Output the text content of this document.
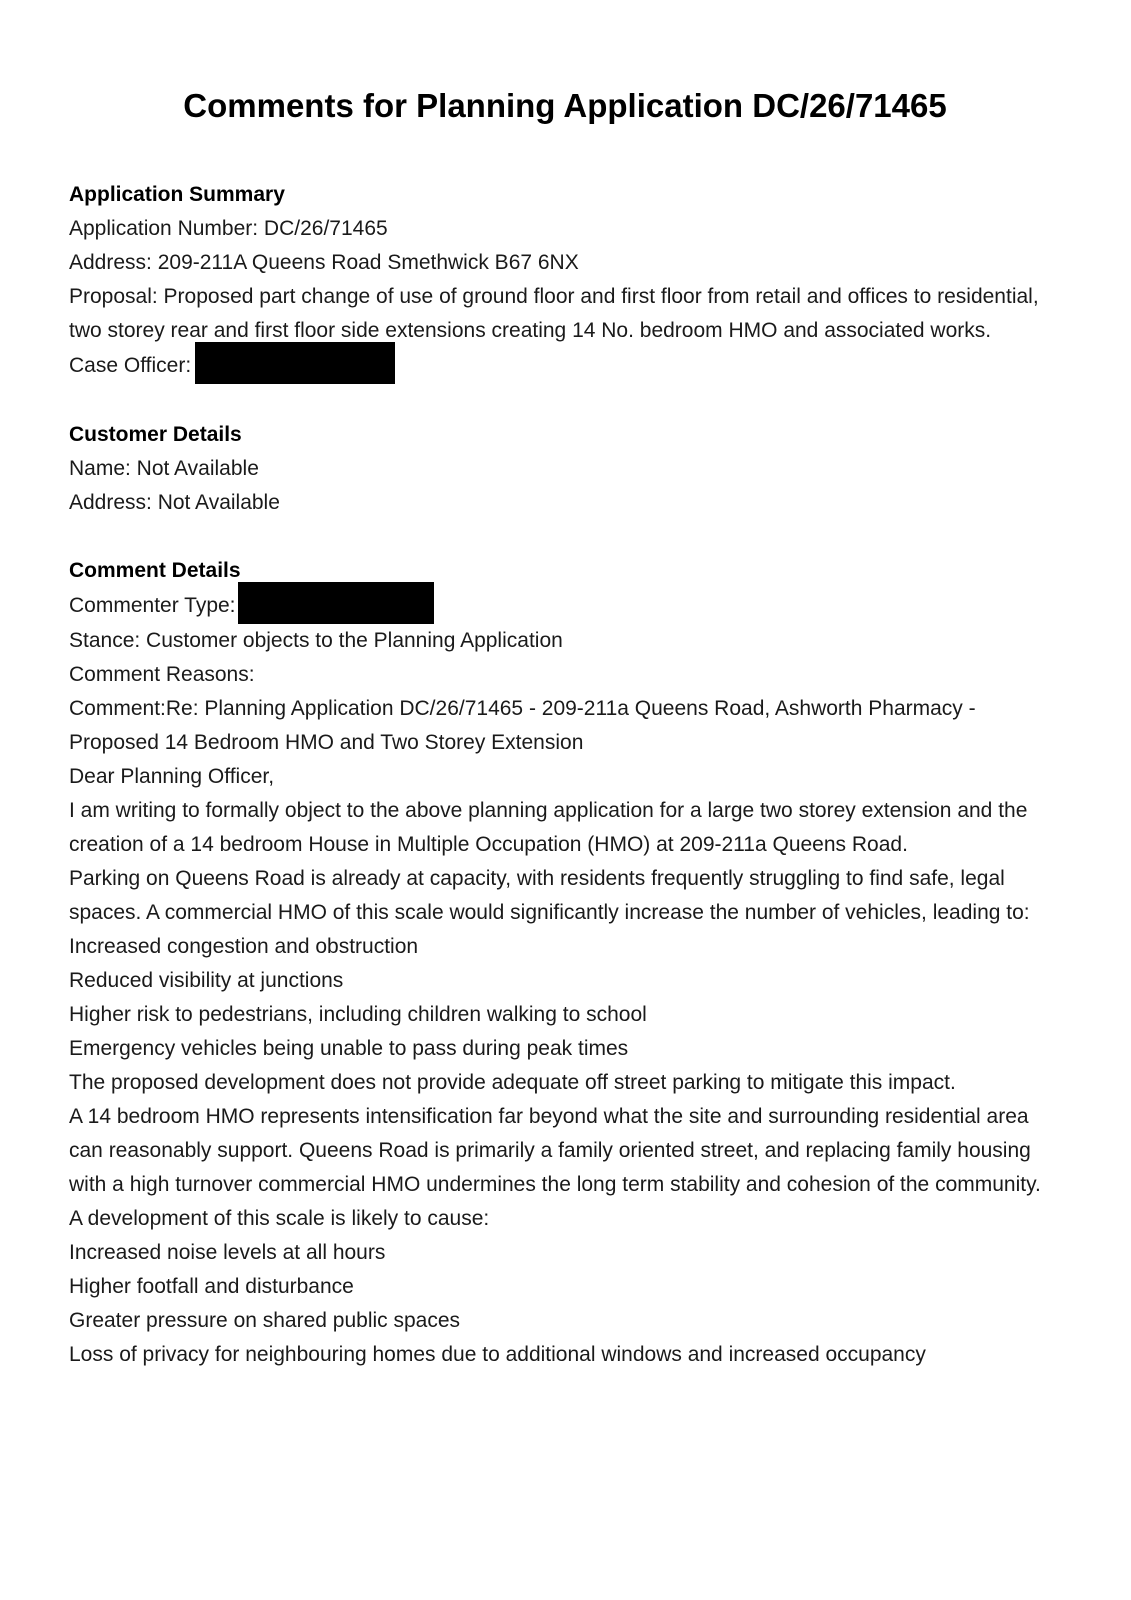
Comments for Planning Application DC/26/71465

Application Summary

Application Number: DC/26/71465

Address: 209-211A Queens Road Smethwick B67 6NX

Proposal: Proposed part change of use of ground floor and first floor from retail and offices to residential, two storey rear and first floor side extensions creating 14 No. bedroom HMO and associated works.

Case Officer:

Customer Details

Name: Not Available

Address: Not Available

Comment Details

Commenter Type:

Stance: Customer objects to the Planning Application

Comment Reasons:

Comment:Re: Planning Application DC/26/71465 - 209-211a Queens Road, Ashworth Pharmacy - Proposed 14 Bedroom HMO and Two Storey Extension

Dear Planning Officer,

I am writing to formally object to the above planning application for a large two storey extension and the creation of a 14 bedroom House in Multiple Occupation (HMO) at 209-211a Queens Road.

Parking on Queens Road is already at capacity, with residents frequently struggling to find safe, legal spaces. A commercial HMO of this scale would significantly increase the number of vehicles, leading to:

Increased congestion and obstruction

Reduced visibility at junctions

Higher risk to pedestrians, including children walking to school

Emergency vehicles being unable to pass during peak times

The proposed development does not provide adequate off street parking to mitigate this impact.

A 14 bedroom HMO represents intensification far beyond what the site and surrounding residential area can reasonably support. Queens Road is primarily a family oriented street, and replacing family housing with a high turnover commercial HMO undermines the long term stability and cohesion of the community.

A development of this scale is likely to cause:

Increased noise levels at all hours

Higher footfall and disturbance

Greater pressure on shared public spaces

Loss of privacy for neighbouring homes due to additional windows and increased occupancy
